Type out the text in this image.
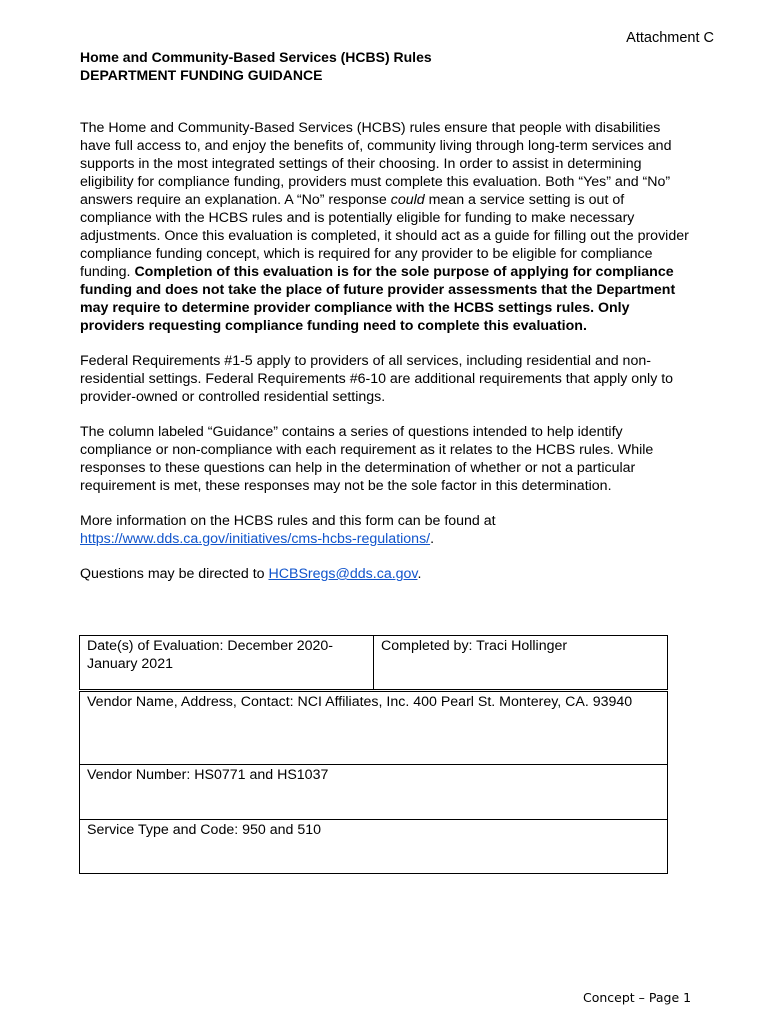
Attachment C
Home and Community-Based Services (HCBS) Rules
DEPARTMENT FUNDING GUIDANCE

The Home and Community-Based Services (HCBS) rules ensure that people with disabilities have full access to, and enjoy the benefits of, community living through long-term services and supports in the most integrated settings of their choosing. In order to assist in determining eligibility for compliance funding, providers must complete this evaluation. Both “Yes” and “No” answers require an explanation. A “No” response could mean a service setting is out of compliance with the HCBS rules and is potentially eligible for funding to make necessary adjustments. Once this evaluation is completed, it should act as a guide for filling out the provider compliance funding concept, which is required for any provider to be eligible for compliance funding. Completion of this evaluation is for the sole purpose of applying for compliance funding and does not take the place of future provider assessments that the Department may require to determine provider compliance with the HCBS settings rules. Only providers requesting compliance funding need to complete this evaluation.

Federal Requirements #1-5 apply to providers of all services, including residential and non-residential settings. Federal Requirements #6-10 are additional requirements that apply only to provider-owned or controlled residential settings.

The column labeled “Guidance” contains a series of questions intended to help identify compliance or non-compliance with each requirement as it relates to the HCBS rules. While responses to these questions can help in the determination of whether or not a particular requirement is met, these responses may not be the sole factor in this determination.

More information on the HCBS rules and this form can be found at
https://www.dds.ca.gov/initiatives/cms-hcbs-regulations/.

Questions may be directed to HCBSregs@dds.ca.gov.

Date(s) of Evaluation: December 2020-January 2021
Completed by: Traci Hollinger
Vendor Name, Address, Contact: NCI Affiliates, Inc. 400 Pearl St. Monterey, CA. 93940
Vendor Number: HS0771 and HS1037
Service Type and Code: 950 and 510
Concept – Page 1
